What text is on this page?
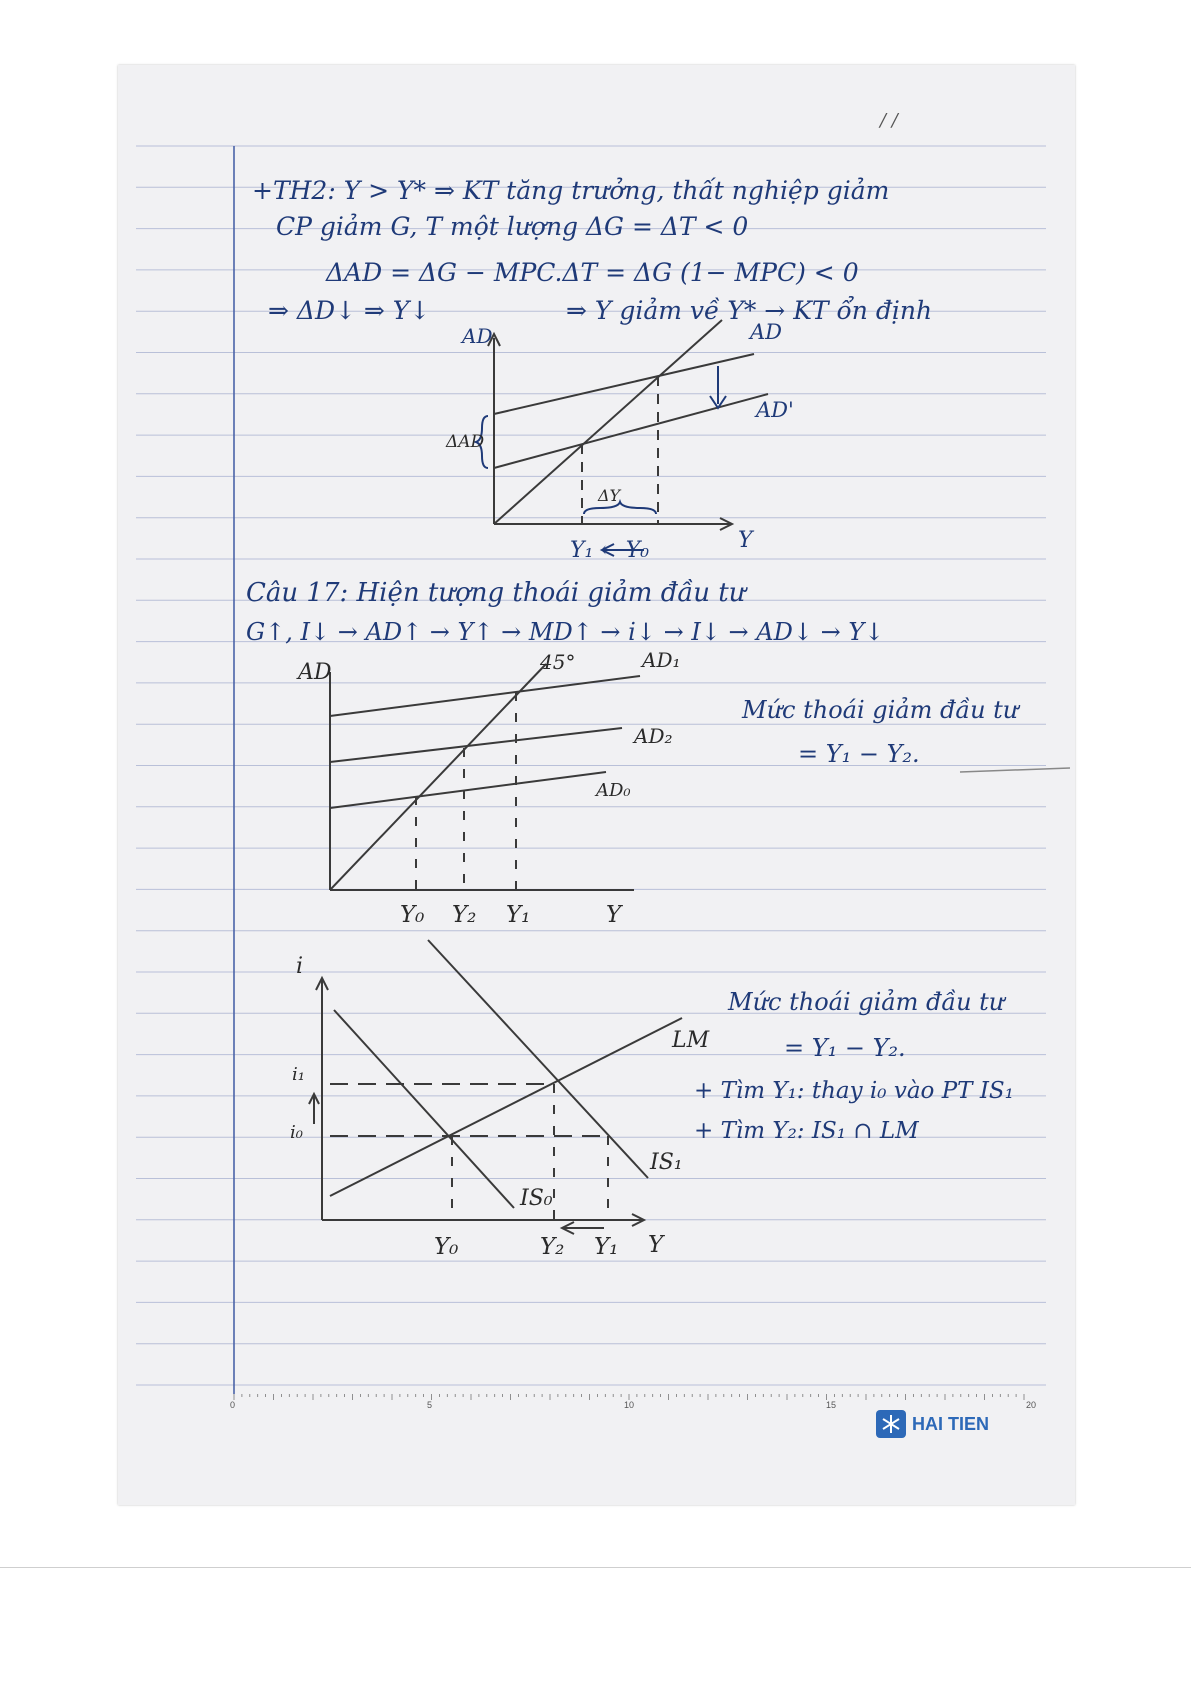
/ /
+TH2: Y > Y* ⇒ KT tăng trưởng, thất nghiệp giảm
CP giảm G, T một lượng ΔG = ΔT < 0
ΔAD = ΔG − MPC.ΔT = ΔG (1− MPC) < 0
⇒ ΔD↓ ⇒ Y↓	⇒ Y giảm về Y* → KT ổn định
AD	AD
AD'
ΔAD
ΔY
Y
Y₁ ← Y₀
Câu 17: Hiện tượng thoái giảm đầu tư
G↑, I↓ → AD↑ → Y↑ → MD↑ → i↓ → I↓ → AD↓ → Y↓
AD	45°	AD₁
AD₂
AD₀
Y₀ Y₂ Y₁	Y
Mức thoái giảm đầu tư
= Y₁ − Y₂.
i
i₁
i₀
LM
IS₁
IS₀
Y₀	Y₂ Y₁ Y
Mức thoái giảm đầu tư
= Y₁ − Y₂.
+ Tìm Y₁: thay i₀ vào PT IS₁
+ Tìm Y₂: IS₁ ∩ LM
0	5	10	15	20
HAI TIEN
